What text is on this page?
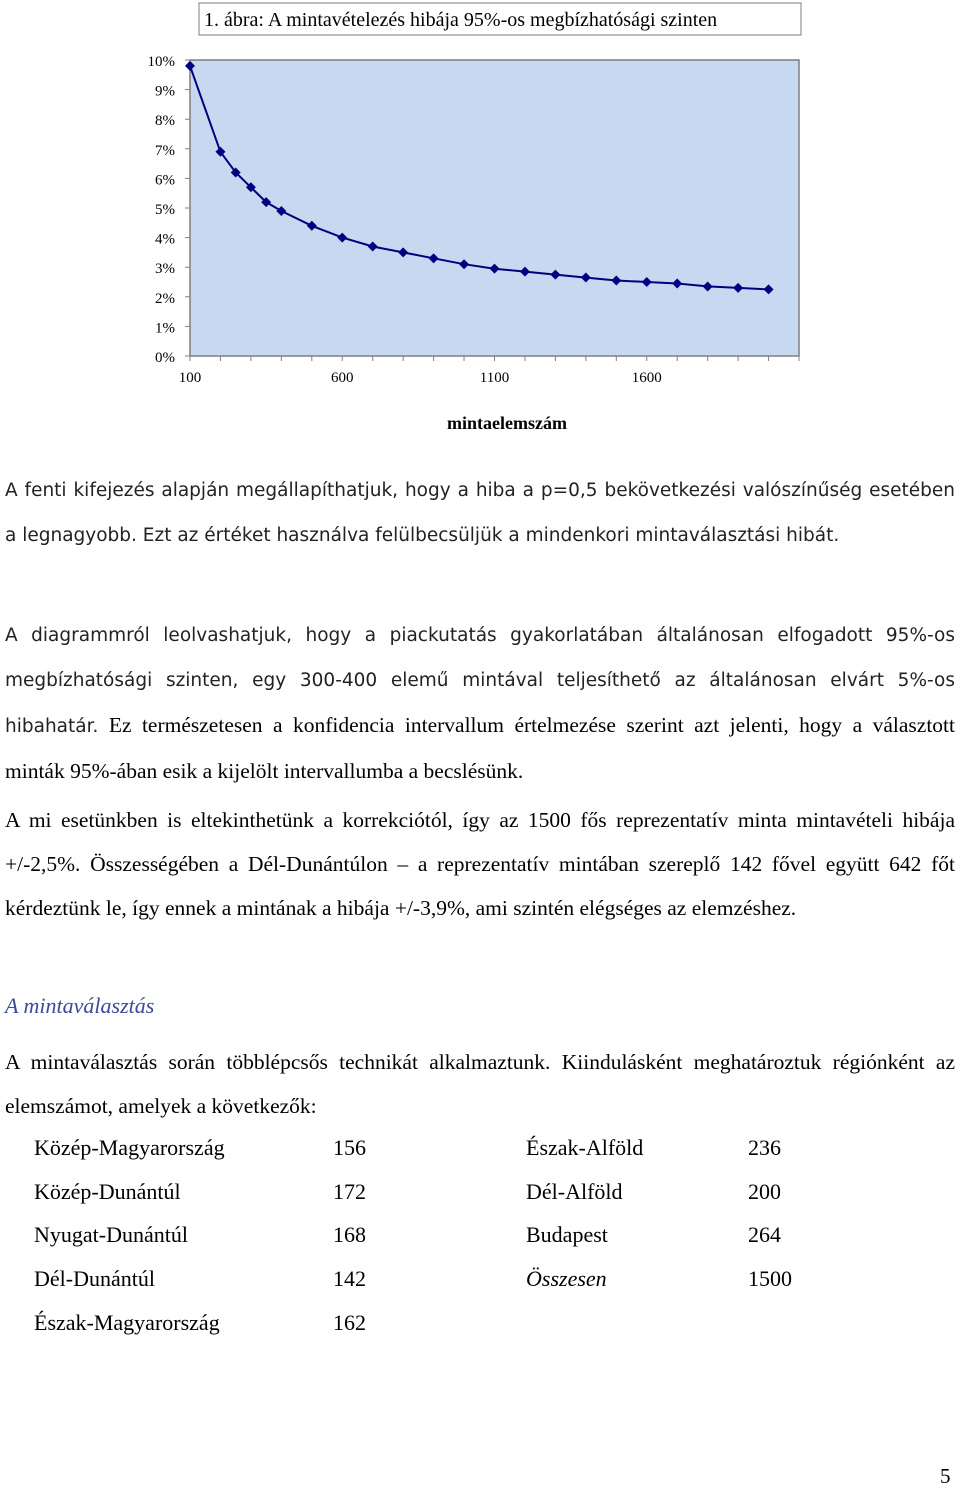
1. ábra: A mintavételezés hibája 95%-os megbízhatósági szinten
0%
1%
2%
3%
4%
5%
6%
7%
8%
9%
10%
100	600	1100	1600
mintaelemszám

A fenti kifejezés alapján megállapíthatjuk, hogy a hiba a p=0,5 bekövetkezési valószínűség esetében a legnagyobb. Ezt az értéket használva felülbecsüljük a mindenkori mintaválasztási hibát.

A diagrammról leolvashatjuk, hogy a piackutatás gyakorlatában általánosan elfogadott 95%-os megbízhatósági szinten, egy 300-400 elemű mintával teljesíthető az általánosan elvárt 5%-os hibahatár. Ez természetesen a konfidencia intervallum értelmezése szerint azt jelenti, hogy a választott minták 95%-ában esik a kijelölt intervallumba a becslésünk.

A mi esetünkben is eltekinthetünk a korrekciótól, így az 1500 fős reprezentatív minta mintavételi hibája +/-2,5%. Összességében a Dél-Dunántúlon – a reprezentatív mintában szereplő 142 fővel együtt 642 főt kérdeztünk le, így ennek a mintának a hibája +/-3,9%, ami szintén elégséges az elemzéshez.

A mintaválasztás

A mintaválasztás során többlépcsős technikát alkalmaztunk. Kiindulásként meghatároztuk régiónként az elemszámot, amelyek a következők:

Közép-Magyarország	156	Észak-Alföld	236
Közép-Dunántúl	172	Dél-Alföld	200
Nyugat-Dunántúl	168	Budapest	264
Dél-Dunántúl	142	Összesen	1500
Észak-Magyarország	162
5
